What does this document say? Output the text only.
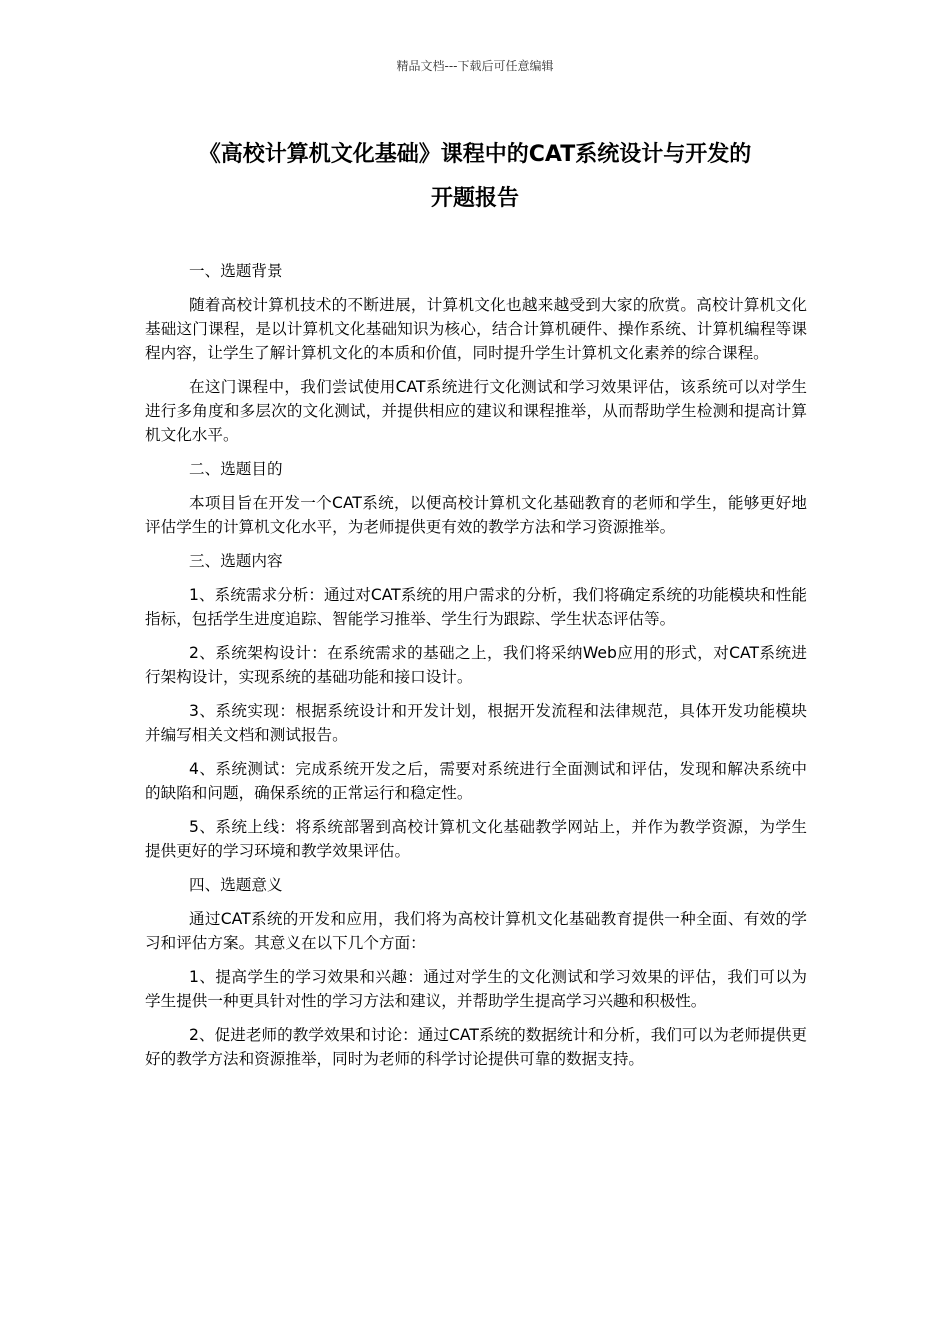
精品文档---下载后可任意编辑
《高校计算机文化基础》课程中的CAT系统设计与开发的
开题报告

一、选题背景

随着高校计算机技术的不断进展，计算机文化也越来越受到大家的欣赏。高校计算机文化基础这门课程，是以计算机文化基础知识为核心，结合计算机硬件、操作系统、计算机编程等课程内容，让学生了解计算机文化的本质和价值，同时提升学生计算机文化素养的综合课程。

在这门课程中，我们尝试使用CAT系统进行文化测试和学习效果评估，该系统可以对学生进行多角度和多层次的文化测试，并提供相应的建议和课程推举，从而帮助学生检测和提高计算机文化水平。

二、选题目的

本项目旨在开发一个CAT系统，以便高校计算机文化基础教育的老师和学生，能够更好地评估学生的计算机文化水平，为老师提供更有效的教学方法和学习资源推举。

三、选题内容

1、系统需求分析：通过对CAT系统的用户需求的分析，我们将确定系统的功能模块和性能指标，包括学生进度追踪、智能学习推举、学生行为跟踪、学生状态评估等。

2、系统架构设计：在系统需求的基础之上，我们将采纳Web应用的形式，对CAT系统进行架构设计，实现系统的基础功能和接口设计。

3、系统实现：根据系统设计和开发计划，根据开发流程和法律规范，具体开发功能模块并编写相关文档和测试报告。

4、系统测试：完成系统开发之后，需要对系统进行全面测试和评估，发现和解决系统中的缺陷和问题，确保系统的正常运行和稳定性。

5、系统上线：将系统部署到高校计算机文化基础教学网站上，并作为教学资源，为学生提供更好的学习环境和教学效果评估。

四、选题意义

通过CAT系统的开发和应用，我们将为高校计算机文化基础教育提供一种全面、有效的学习和评估方案。其意义在以下几个方面：

1、提高学生的学习效果和兴趣：通过对学生的文化测试和学习效果的评估，我们可以为学生提供一种更具针对性的学习方法和建议，并帮助学生提高学习兴趣和积极性。

2、促进老师的教学效果和讨论：通过CAT系统的数据统计和分析，我们可以为老师提供更好的教学方法和资源推举，同时为老师的科学讨论提供可靠的数据支持。
